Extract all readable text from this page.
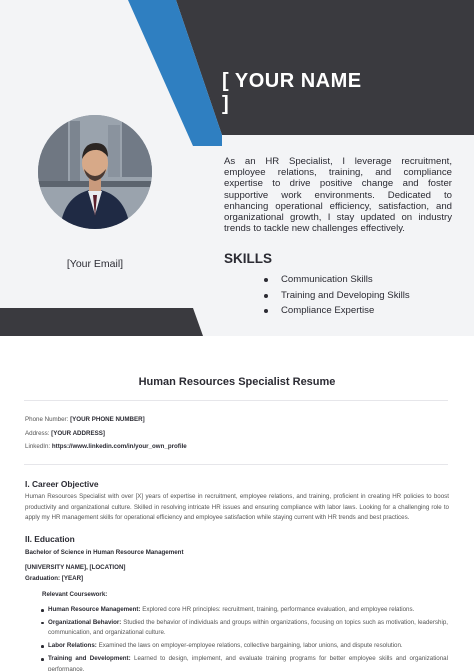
[ YOUR NAME ]
[Your Email]
As an HR Specialist, I leverage recruitment, employee relations, training, and compliance expertise to drive positive change and foster supportive work environments. Dedicated to enhancing operational efficiency, satisfaction, and organizational growth, I stay updated on industry trends to tackle new challenges effectively.
SKILLS
Communication Skills
Training and Developing Skills
Compliance Expertise
Human Resources Specialist Resume
Phone Number: [YOUR PHONE NUMBER]
Address: [YOUR ADDRESS]
LinkedIn: https://www.linkedin.com/in/your_own_profile
I. Career Objective
Human Resources Specialist with over [X] years of expertise in recruitment, employee relations, and training, proficient in creating HR policies to boost productivity and organizational culture. Skilled in resolving intricate HR issues and ensuring compliance with labor laws. Looking for a challenging role to apply my HR management skills for operational efficiency and employee satisfaction while staying current with HR trends and best practices.
II. Education
Bachelor of Science in Human Resource Management
[UNIVERSITY NAME], [LOCATION]
Graduation: [YEAR]
Relevant Coursework:
Human Resource Management: Explored core HR principles: recruitment, training, performance evaluation, and employee relations.
Organizational Behavior: Studied the behavior of individuals and groups within organizations, focusing on topics such as motivation, leadership, communication, and organizational culture.
Labor Relations: Examined the laws on employer-employee relations, collective bargaining, labor unions, and dispute resolution.
Training and Development: Learned to design, implement, and evaluate training programs for better employee skills and organizational performance.
